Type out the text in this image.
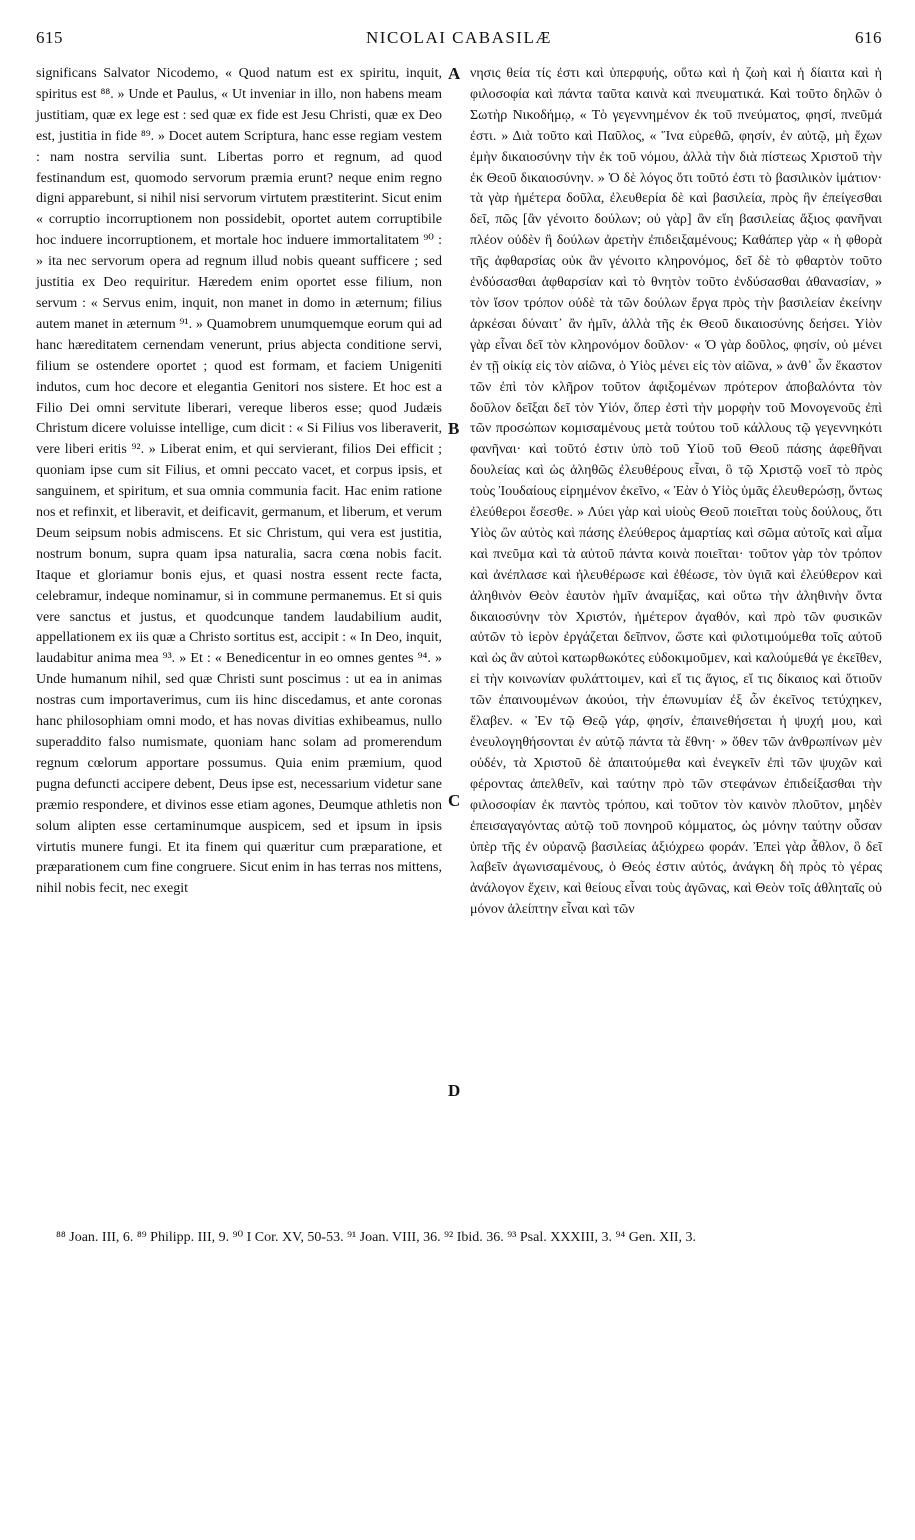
615	NICOLAI CABASILÆ	616

significans Salvator Nicodemo, « Quod natum est ex spiritu, inquit, spiritus est ⁸⁸. » Unde et Paulus, « Ut inveniar in illo, non habens meam justitiam, quæ ex lege est : sed quæ ex fide est Jesu Christi, quæ ex Deo est, justitia in fide ⁸⁹. » Docet autem Scriptura, hanc esse regiam vestem : nam nostra servilia sunt. Libertas porro et regnum, ad quod festinandum est, quomodo servorum præmia erunt? neque enim regno digni apparebunt, si nihil nisi servorum virtutem præstiterint. Sicut enim « corruptio incorruptionem non possidebit, oportet autem corruptibile hoc induere incorruptionem, et mortale hoc induere immortalitatem ⁹⁰ : » ita nec servorum opera ad regnum illud nobis queant sufficere ; sed justitia ex Deo requiritur. Hæredem enim oportet esse filium, non servum : « Servus enim, inquit, non manet in domo in æternum; filius autem manet in æternum ⁹¹. » Quamobrem unumquemque eorum qui ad hanc hæreditatem cernendam venerunt, prius abjecta conditione servi, filium se ostendere oportet ; quod est formam, et faciem Unigeniti indutos, cum hoc decore et elegantia Genitori nos sistere. Et hoc est a Filio Dei omni servitute liberari, vereque liberos esse; quod Judæis Christum dicere voluisse intellige, cum dicit : « Si Filius vos liberaverit, vere liberi eritis ⁹². » Liberat enim, et qui servierant, filios Dei efficit ; quoniam ipse cum sit Filius, et omni peccato vacet, et corpus ipsis, et sanguinem, et spiritum, et sua omnia communia facit. Hac enim ratione nos et refinxit, et liberavit, et deificavit, germanum, et liberum, et verum Deum seipsum nobis admiscens. Et sic Christum, qui vera est justitia, nostrum bonum, supra quam ipsa naturalia, sacra cœna nobis facit. Itaque et gloriamur bonis ejus, et quasi nostra essent recte facta, celebramur, indeque nominamur, si in commune permanemus. Et si quis vere sanctus et justus, et quodcunque tandem laudabilium audit, appellationem ex iis quæ a Christo sortitus est, accipit : « In Deo, inquit, laudabitur anima mea ⁹³. » Et : « Benedicentur in eo omnes gentes ⁹⁴. » Unde humanum nihil, sed quæ Christi sunt poscimus : ut ea in animas nostras cum importaverimus, cum iis hinc discedamus, et ante coronas hanc philosophiam omni modo, et has novas divitias exhibeamus, nullo superaddito falso numismate, quoniam hanc solam ad promerendum regnum cœlorum apportare possumus. Quia enim præmium, quod pugna defuncti accipere debent, Deus ipse est, necessarium videtur sane præmio respondere, et divinos esse etiam agones, Deumque athletis non solum alipten esse certaminumque auspicem, sed et ipsum in ipsis virtutis munere fungi. Et ita finem qui quæritur cum præparatione, et præparationem cum fine congruere. Sicut enim in has terras nos mittens, nihil nobis fecit, nec exegit

A
B
C
D

νησις θεία τίς ἐστι καὶ ὑπερφυής, οὕτω καὶ ἡ ζωὴ καὶ ἡ δίαιτα καὶ ἡ φιλοσοφία καὶ πάντα ταῦτα καινὰ καὶ πνευματικά. Καὶ τοῦτο δηλῶν ὁ Σωτὴρ Νικοδήμῳ, « Τὸ γεγεννημένον ἐκ τοῦ πνεύματος, φησί, πνεῦμά ἐστι. » Διὰ τοῦτο καὶ Παῦλος, « Ἵνα εὑρεθῶ, φησίν, ἐν αὐτῷ, μὴ ἔχων ἐμὴν δικαιοσύνην τὴν ἐκ τοῦ νόμου, ἀλλὰ τὴν διὰ πίστεως Χριστοῦ τὴν ἐκ Θεοῦ δικαιοσύνην. » Ὁ δὲ λόγος ὅτι τοῦτό ἐστι τὸ βασιλικὸν ἱμάτιον· τὰ γὰρ ἡμέτερα δοῦλα, ἐλευθερία δὲ καὶ βασιλεία, πρὸς ἣν ἐπείγεσθαι δεῖ, πῶς [ἂν γένοιτο δούλων; οὐ γὰρ] ἂν εἴη βασιλείας ἄξιος φανῆναι πλέον οὐδὲν ἢ δούλων ἀρετὴν ἐπιδειξαμένους; Καθάπερ γὰρ « ἡ φθορὰ τῆς ἀφθαρσίας οὐκ ἂν γένοιτο κληρονόμος, δεῖ δὲ τὸ φθαρτὸν τοῦτο ἐνδύσασθαι ἀφθαρσίαν καὶ τὸ θνητὸν τοῦτο ἐνδύσασθαι ἀθανασίαν, » τὸν ἴσον τρόπον οὐδὲ τὰ τῶν δούλων ἔργα πρὸς τὴν βασιλείαν ἐκείνην ἀρκέσαι δύναιτ᾽ ἂν ἡμῖν, ἀλλὰ τῆς ἐκ Θεοῦ δικαιοσύνης δεήσει. Υἱὸν γὰρ εἶναι δεῖ τὸν κληρονόμον δοῦλον· « Ὁ γὰρ δοῦλος, φησίν, οὐ μένει ἐν τῇ οἰκίᾳ εἰς τὸν αἰῶνα, ὁ Υἱὸς μένει εἰς τὸν αἰῶνα, » ἀνθ᾽ ὧν ἕκαστον τῶν ἐπὶ τὸν κλῆρον τοῦτον ἀφιξομένων πρότερον ἀποβαλόντα τὸν δοῦλον δεῖξαι δεῖ τὸν Υἱόν, ὅπερ ἐστὶ τὴν μορφὴν τοῦ Μονογενοῦς ἐπὶ τῶν προσώπων κομισαμένους μετὰ τούτου τοῦ κάλλους τῷ γεγεννηκότι φανῆναι· καὶ τοῦτό ἐστιν ὑπὸ τοῦ Υἱοῦ τοῦ Θεοῦ πάσης ἀφεθῆναι δουλείας καὶ ὡς ἀληθῶς ἐλευθέρους εἶναι, ὃ τῷ Χριστῷ νοεῖ τὸ πρὸς τοὺς Ἰουδαίους εἰρημένον ἐκεῖνο, « Ἐὰν ὁ Υἱὸς ὑμᾶς ἐλευθερώσῃ, ὄντως ἐλεύθεροι ἔσεσθε. » Λύει γὰρ καὶ υἱοὺς Θεοῦ ποιεῖται τοὺς δούλους, ὅτι Υἱὸς ὢν αὐτὸς καὶ πάσης ἐλεύθερος ἁμαρτίας καὶ σῶμα αὐτοῖς καὶ αἷμα καὶ πνεῦμα καὶ τὰ αὐτοῦ πάντα κοινὰ ποιεῖται· τοῦτον γὰρ τὸν τρόπον καὶ ἀνέπλασε καὶ ἠλευθέρωσε καὶ ἐθέωσε, τὸν ὑγιᾶ καὶ ἐλεύθερον καὶ ἀληθινὸν Θεὸν ἑαυτὸν ἡμῖν ἀναμίξας, καὶ οὕτω τὴν ἀληθινὴν ὄντα δικαιοσύνην τὸν Χριστόν, ἡμέτερον ἀγαθόν, καὶ πρὸ τῶν φυσικῶν αὐτῶν τὸ ἱερὸν ἐργάζεται δεῖπνον, ὥστε καὶ φιλοτιμούμεθα τοῖς αὐτοῦ καὶ ὡς ἂν αὐτοὶ κατωρθωκότες εὐδοκιμοῦμεν, καὶ καλούμεθά γε ἐκεῖθεν, εἰ τὴν κοινωνίαν φυλάττοιμεν, καὶ εἴ τις ἅγιος, εἴ τις δίκαιος καὶ ὅτιοῦν τῶν ἐπαινουμένων ἀκούοι, τὴν ἐπωνυμίαν ἐξ ὧν ἐκεῖνος τετύχηκεν, ἔλαβεν. « Ἐν τῷ Θεῷ γάρ, φησίν, ἐπαινεθήσεται ἡ ψυχή μου, καὶ ἐνευλογηθήσονται ἐν αὐτῷ πάντα τὰ ἔθνη· » ὅθεν τῶν ἀνθρωπίνων μὲν οὐδέν, τὰ Χριστοῦ δὲ ἀπαιτούμεθα καὶ ἐνεγκεῖν ἐπὶ τῶν ψυχῶν καὶ φέροντας ἀπελθεῖν, καὶ ταύτην πρὸ τῶν στεφάνων ἐπιδείξασθαι τὴν φιλοσοφίαν ἐκ παντὸς τρόπου, καὶ τοῦτον τὸν καινὸν πλοῦτον, μηδὲν ἐπεισαγαγόντας αὐτῷ τοῦ πονηροῦ κόμματος, ὡς μόνην ταύτην οὖσαν ὑπὲρ τῆς ἐν οὐρανῷ βασιλείας ἀξιόχρεω φοράν. Ἐπεὶ γὰρ ἆθλον, ὃ δεῖ λαβεῖν ἀγωνισαμένους, ὁ Θεός ἐστιν αὐτός, ἀνάγκη δὴ πρὸς τὸ γέρας ἀνάλογον ἔχειν, καὶ θείους εἶναι τοὺς ἀγῶνας, καὶ Θεὸν τοῖς ἀθληταῖς οὐ μόνον ἀλείπτην εἶναι καὶ τῶν

⁸⁸ Joan. III, 6. ⁸⁹ Philipp. III, 9. ⁹⁰ I Cor. XV, 50-53. ⁹¹ Joan. VIII, 36. ⁹² Ibid. 36. ⁹³ Psal. XXXIII, 3. ⁹⁴ Gen. XII, 3.
